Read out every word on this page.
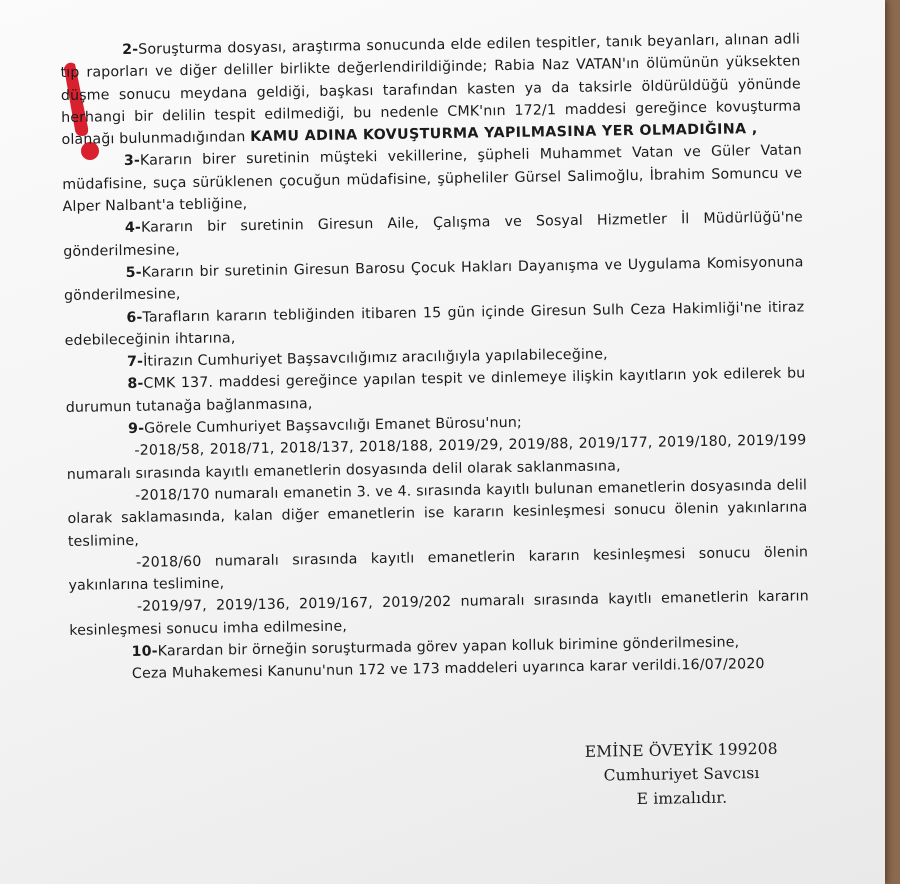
2-Soruşturma dosyası, araştırma sonucunda elde edilen tespitler, tanık beyanları, alınan adli tıp raporları ve diğer deliller birlikte değerlendirildiğinde; Rabia Naz VATAN'ın ölümünün yüksekten düşme sonucu meydana geldiği, başkası tarafından kasten ya da taksirle öldürüldüğü yönünde herhangi bir delilin tespit edilmediği, bu nedenle CMK'nın 172/1 maddesi gereğince kovuşturma olanağı bulunmadığından KAMU ADINA KOVUŞTURMA YAPILMASINA YER OLMADIĞINA ,
3-Kararın birer suretinin müşteki vekillerine, şüpheli Muhammet Vatan ve Güler Vatan müdafisine, suça sürüklenen çocuğun müdafisine, şüpheliler Gürsel Salimoğlu, İbrahim Somuncu ve Alper Nalbant'a tebliğine,
4-Kararın bir suretinin Giresun Aile, Çalışma ve Sosyal Hizmetler İl Müdürlüğü'ne gönderilmesine,
5-Kararın bir suretinin Giresun Barosu Çocuk Hakları Dayanışma ve Uygulama Komisyonuna gönderilmesine,
6-Tarafların kararın tebliğinden itibaren 15 gün içinde Giresun Sulh Ceza Hakimliği'ne itiraz edebileceğinin ihtarına,
7-İtirazın Cumhuriyet Başsavcılığımız aracılığıyla yapılabileceğine,
8-CMK 137. maddesi gereğince yapılan tespit ve dinlemeye ilişkin kayıtların yok edilerek bu durumun tutanağa bağlanmasına,
9-Görele Cumhuriyet Başsavcılığı Emanet Bürosu'nun;
-2018/58, 2018/71, 2018/137, 2018/188, 2019/29, 2019/88, 2019/177, 2019/180, 2019/199 numaralı sırasında kayıtlı emanetlerin dosyasında delil olarak saklanmasına,
-2018/170 numaralı emanetin 3. ve 4. sırasında kayıtlı bulunan emanetlerin dosyasında delil olarak saklamasında, kalan diğer emanetlerin ise kararın kesinleşmesi sonucu ölenin yakınlarına teslimine,
-2018/60 numaralı sırasında kayıtlı emanetlerin kararın kesinleşmesi sonucu ölenin yakınlarına teslimine,
-2019/97, 2019/136, 2019/167, 2019/202 numaralı sırasında kayıtlı emanetlerin kararın kesinleşmesi sonucu imha edilmesine,
10-Karardan bir örneğin soruşturmada görev yapan kolluk birimine gönderilmesine,
Ceza Muhakemesi Kanunu'nun 172 ve 173 maddeleri uyarınca karar verildi.16/07/2020
EMİNE ÖVEYİK 199208
Cumhuriyet Savcısı
E imzalıdır.
